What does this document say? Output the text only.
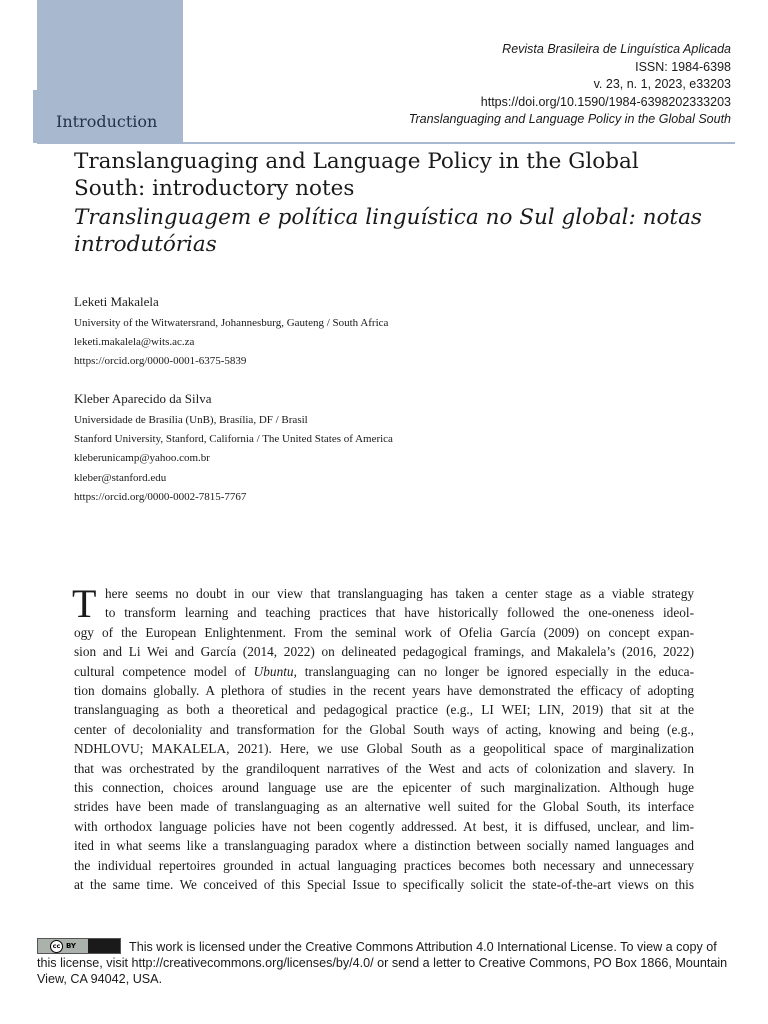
Introduction
Revista Brasileira de Linguística Aplicada
ISSN: 1984-6398
v. 23, n. 1, 2023, e33203
https://doi.org/10.1590/1984-6398202333203
Translanguaging and Language Policy in the Global South
Translanguaging and Language Policy in the Global South: introductory notes
Translinguagem e política linguística no Sul global: notas introdutórias
Leketi Makalela
University of the Witwatersrand, Johannesburg, Gauteng / South Africa
leketi.makalela@wits.ac.za
https://orcid.org/0000-0001-6375-5839
Kleber Aparecido da Silva
Universidade de Brasília (UnB), Brasília, DF / Brasil
Stanford University, Stanford, California / The United States of America
kleberunicamp@yahoo.com.br
kleber@stanford.edu
https://orcid.org/0000-0002-7815-7767
T here seems no doubt in our view that translanguaging has taken a center stage as a viable strategy
to transform learning and teaching practices that have historically followed the one-oneness ideol-
ogy of the European Enlightenment. From the seminal work of Ofelia García (2009) on concept expan-
sion and Li Wei and García (2014, 2022) on delineated pedagogical framings, and Makalela’s (2016, 2022)
cultural competence model of Ubuntu, translanguaging can no longer be ignored especially in the educa-
tion domains globally. A plethora of studies in the recent years have demonstrated the efficacy of adopting
translanguaging as both a theoretical and pedagogical practice (e.g., LI WEI; LIN, 2019) that sit at the
center of decoloniality and transformation for the Global South ways of acting, knowing and being (e.g.,
NDHLOVU; MAKALELA, 2021). Here, we use Global South as a geopolitical space of marginalization
that was orchestrated by the grandiloquent narratives of the West and acts of colonization and slavery. In
this connection, choices around language use are the epicenter of such marginalization. Although huge
strides have been made of translanguaging as an alternative well suited for the Global South, its interface
with orthodox language policies have not been cogently addressed. At best, it is diffused, unclear, and lim-
ited in what seems like a translanguaging paradox where a distinction between socially named languages and
the individual repertoires grounded in actual languaging practices becomes both necessary and unnecessary
at the same time. We conceived of this Special Issue to specifically solicit the state-of-the-art views on this
cc BY	This work is licensed under the Creative Commons Attribution 4.0 International License. To view a copy of this license, visit http://creativecommons.org/licenses/by/4.0/ or send a letter to Creative Commons, PO Box 1866, Mountain View, CA 94042, USA.
